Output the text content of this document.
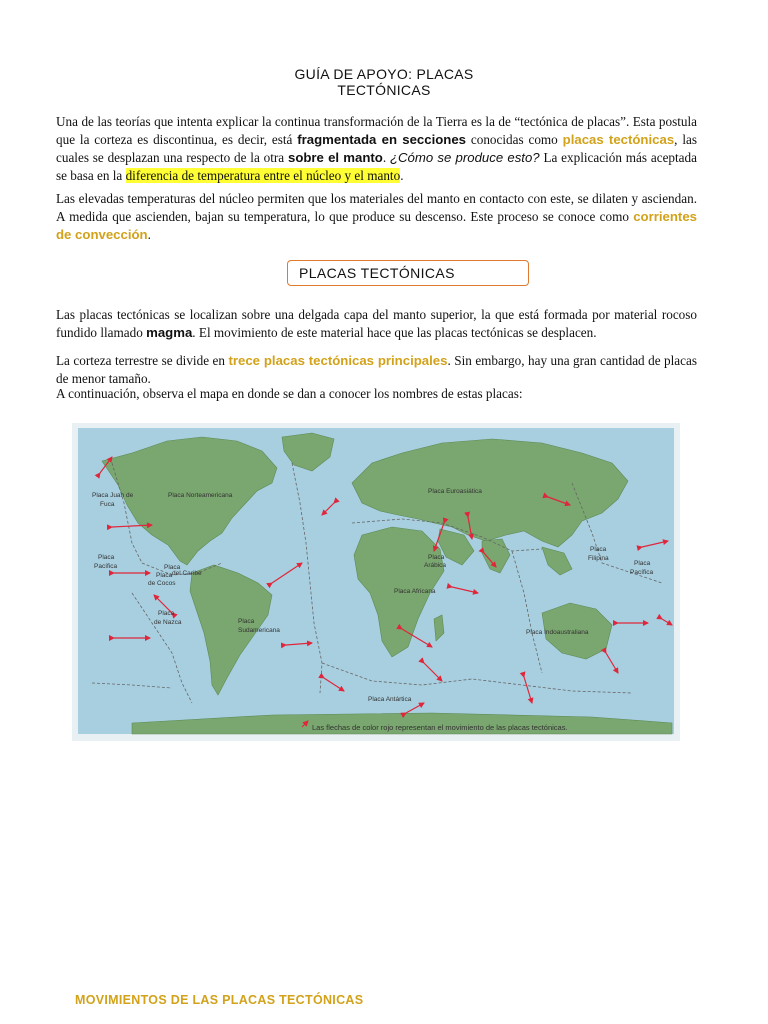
GUÍA DE APOYO: PLACAS
TECTÓNICAS
Una de las teorías que intenta explicar la continua transformación de la Tierra es la de “tectónica de placas”. Esta postula que la corteza es discontinua, es decir, está fragmentada en secciones conocidas como placas tectónicas, las cuales se desplazan una respecto de la otra sobre el manto. ¿Cómo se produce esto? La explicación más aceptada se basa en la diferencia de temperatura entre el núcleo y el manto.
Las elevadas temperaturas del núcleo permiten que los materiales del manto en contacto con este, se dilaten y asciendan. A medida que ascienden, bajan su temperatura, lo que produce su descenso. Este proceso se conoce como corrientes de convección.
PLACAS TECTÓNICAS
Las placas tectónicas se localizan sobre una delgada capa del manto superior, la que está formada por material rocoso fundido llamado magma. El movimiento de este material hace que las placas tectónicas se desplacen.
La corteza terrestre se divide en trece placas tectónicas principales. Sin embargo, hay una gran cantidad de placas de menor tamaño.
A continuación, observa el mapa en donde se dan a conocer los nombres de estas placas:
Placa Juan de
Fuca
Placa Norteamericana
Placa Euroasiática
Placa
Pacífica	Placa
del Caribe
Placa
de Cocos
Placa
Arábica
Placa
Filipina
Placa
Pacífica
Placa Africana
Placa
de Nazca	Placa
Sudamericana	Placa Indoaustraliana
Placa Antártica
Las flechas de color rojo representan el movimiento de las placas tectónicas.
MOVIMIENTOS DE LAS PLACAS TECTÓNICAS
